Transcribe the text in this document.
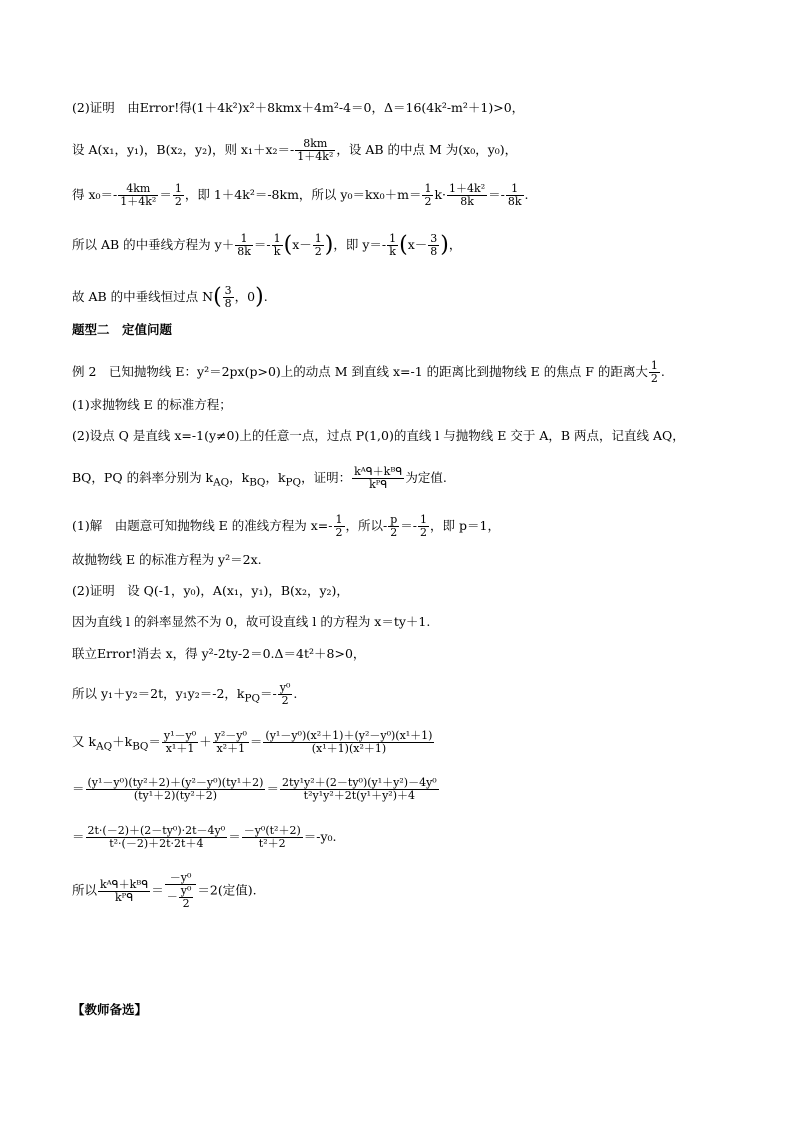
(2)证明　由Error!得(1＋4k²)x²＋8kmx＋4m²-4＝0，Δ＝16(4k²-m²＋1)>0，
设 A(x₁，y₁)，B(x₂，y₂)，则 $x_1+x_2=- \frac{8km}{\text{1＋4k²}}$ ，设 AB 的中点 M 为(x₀，y₀)，
得 $x_0=- \frac{4km}{\text{1＋4k²}} = \frac{1}{2}$ ，即 1＋4k²＝-8km，所以 $y_0=kx_0+m= \frac{1}{2} k\cdot \frac{\text{1＋4k²}}{8k} =- \frac{1}{8k}$ .
所以 AB 的中垂线方程为 $y+ \frac{1}{8k} =- \frac{1}{k} (x- \frac{1}{2}$ )，即 $y=- \frac{1}{k} (x- \frac{3}{8}$ )，
故 AB 的中垂线恒过点 $N( \frac{3}{8}$ ，0).
题型二　定值问题
例 2　已知抛物线 E：y²＝2px(p>0)上的动点 M 到直线 x=-1 的距离比到抛物线 E 的焦点 F 的距离大 $\frac{1}{2}$ .
(1)求抛物线 E 的标准方程；
(2)设点 Q 是直线 x=-1(y≠0)上的任意一点，过点 P(1,0)的直线 l 与抛物线 E 交于 A，B 两点，记直线 AQ，
BQ，PQ 的斜率分别为 $k_{AQ}$，$k_{BQ}$，$k_{PQ}$，证明： $\frac{\text{kᴬᑫ＋kᴮᑫ}}{\text{kᴾᑫ}}$ 为定值.
(1)解　由题意可知抛物线 E 的准线方程为 $x=- \frac{1}{2}$ ，所以- $\frac{p}{2} =- \frac{1}{2}$ ，即 p＝1，
故抛物线 E 的标准方程为 y²＝2x.
(2)证明　设 Q(-1，y₀)，A(x₁，y₁)，B(x₂，y₂)，
因为直线 l 的斜率显然不为 0，故可设直线 l 的方程为 x＝ty＋1.
联立Error!消去 x，得 y²-2ty-2＝0.Δ＝4t²＋8>0，
所以 y₁＋y₂＝2t，y₁y₂＝-2，$k_{PQ}=- \frac{\text{y⁰}}{2}$ .
又 $k_{AQ}+k_{BQ}= \frac{\text{y¹－y⁰}}{\text{x¹＋1}} + \frac{\text{y²－y⁰}}{\text{x²＋1}} = \frac{\text{(y¹－y⁰)(x²＋1)＋(y²－y⁰)(x¹＋1)}}{\text{(x¹＋1)(x²＋1)}}$
＝ $\frac{\text{(y¹－y⁰)(ty²＋2)＋(y²－y⁰)(ty¹＋2)}}{\text{(ty¹＋2)(ty²＋2)}} = \frac{\text{2ty¹y²＋(2－ty⁰)(y¹＋y²)－4y⁰}}{\text{t²y¹y²＋2t(y¹＋y²)＋4}}$
＝ $\frac{\text{2t·(－2)＋(2－ty⁰)·2t－4y⁰}}{\text{t²·(－2)＋2t·2t＋4}} = \frac{\text{－y⁰(t²＋2)}}{\text{t²＋2}} =-y_0$.
所以 $\frac{\text{kᴬᑫ＋kᴮᑫ}}{\text{kᴾᑫ}} = \frac{\text{－y⁰}}{- \frac{\text{y⁰}}{2}} =2$(定值).
【教师备选】
